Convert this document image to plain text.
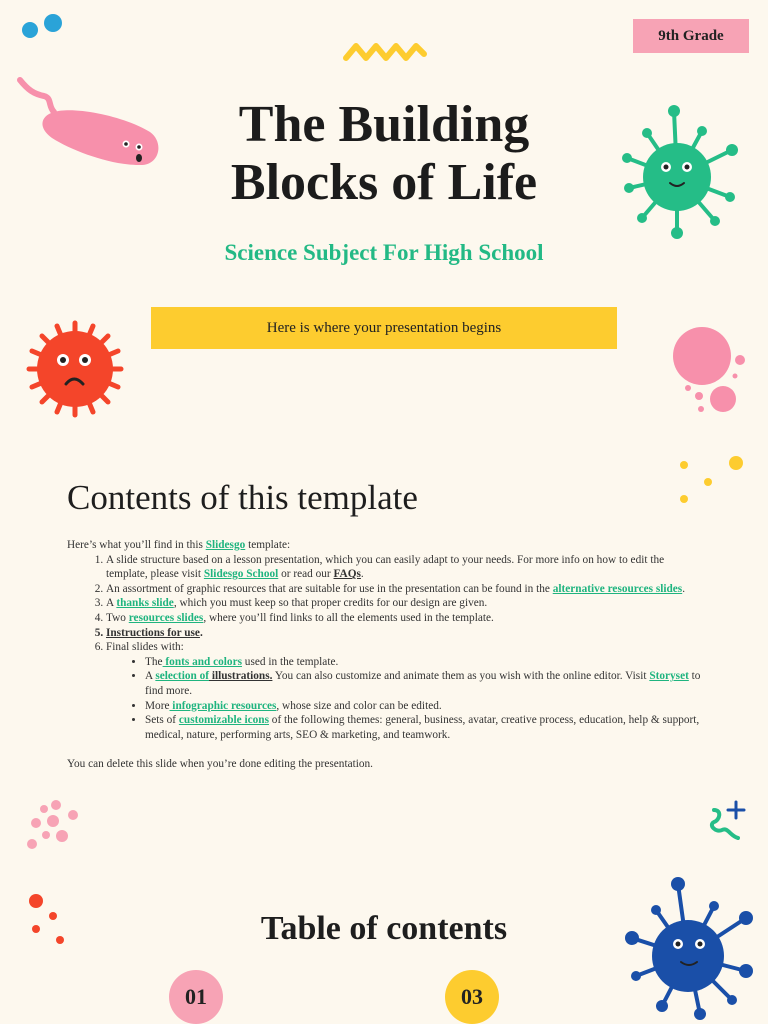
9th Grade
The Building
Blocks of Life
Science Subject For High School
Here is where your presentation begins
Contents of this template

Here’s what you’ll find in this Slidesgo template:

1. A slide structure based on a lesson presentation, which you can easily adapt to your needs. For more info on how to edit the template, please visit Slidesgo School or read our FAQs.
2. An assortment of graphic resources that are suitable for use in the presentation can be found in the alternative resources slides.
3. A thanks slide, which you must keep so that proper credits for our design are given.
4. Two resources slides, where you’ll find links to all the elements used in the template.
5. Instructions for use.
6. Final slides with:
• The fonts and colors used in the template.
• A selection of illustrations. You can also customize and animate them as you wish with the online editor. Visit Storyset to find more.
• More infographic resources, whose size and color can be edited.
• Sets of customizable icons of the following themes: general, business, avatar, creative process, education, help & support, medical, nature, performing arts, SEO & marketing, and teamwork.

You can delete this slide when you’re done editing the presentation.

Table of contents
01	03
